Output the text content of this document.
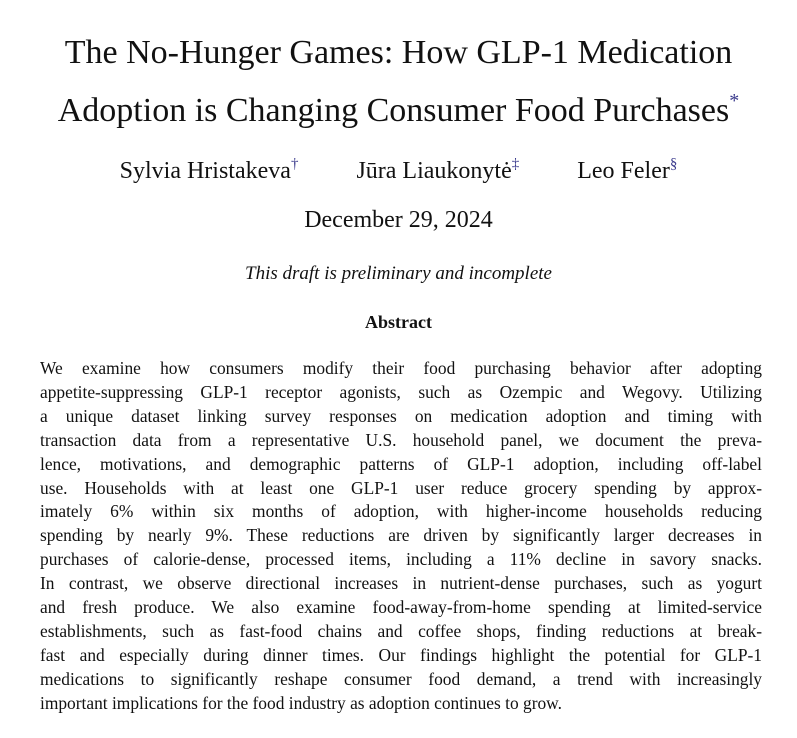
The No-Hunger Games: How GLP-1 Medication
Adoption is Changing Consumer Food Purchases*
Sylvia Hristakeva† Jūra Liaukonytė‡ Leo Feler§
December 29, 2024
This draft is preliminary and incomplete
Abstract
We examine how consumers modify their food purchasing behavior after adopting
appetite-suppressing GLP-1 receptor agonists, such as Ozempic and Wegovy. Utilizing
a unique dataset linking survey responses on medication adoption and timing with
transaction data from a representative U.S. household panel, we document the preva-
lence, motivations, and demographic patterns of GLP-1 adoption, including off-label
use. Households with at least one GLP-1 user reduce grocery spending by approx-
imately 6% within six months of adoption, with higher-income households reducing
spending by nearly 9%. These reductions are driven by significantly larger decreases in
purchases of calorie-dense, processed items, including a 11% decline in savory snacks.
In contrast, we observe directional increases in nutrient-dense purchases, such as yogurt
and fresh produce. We also examine food-away-from-home spending at limited-service
establishments, such as fast-food chains and coffee shops, finding reductions at break-
fast and especially during dinner times. Our findings highlight the potential for GLP-1
medications to significantly reshape consumer food demand, a trend with increasingly
important implications for the food industry as adoption continues to grow.
